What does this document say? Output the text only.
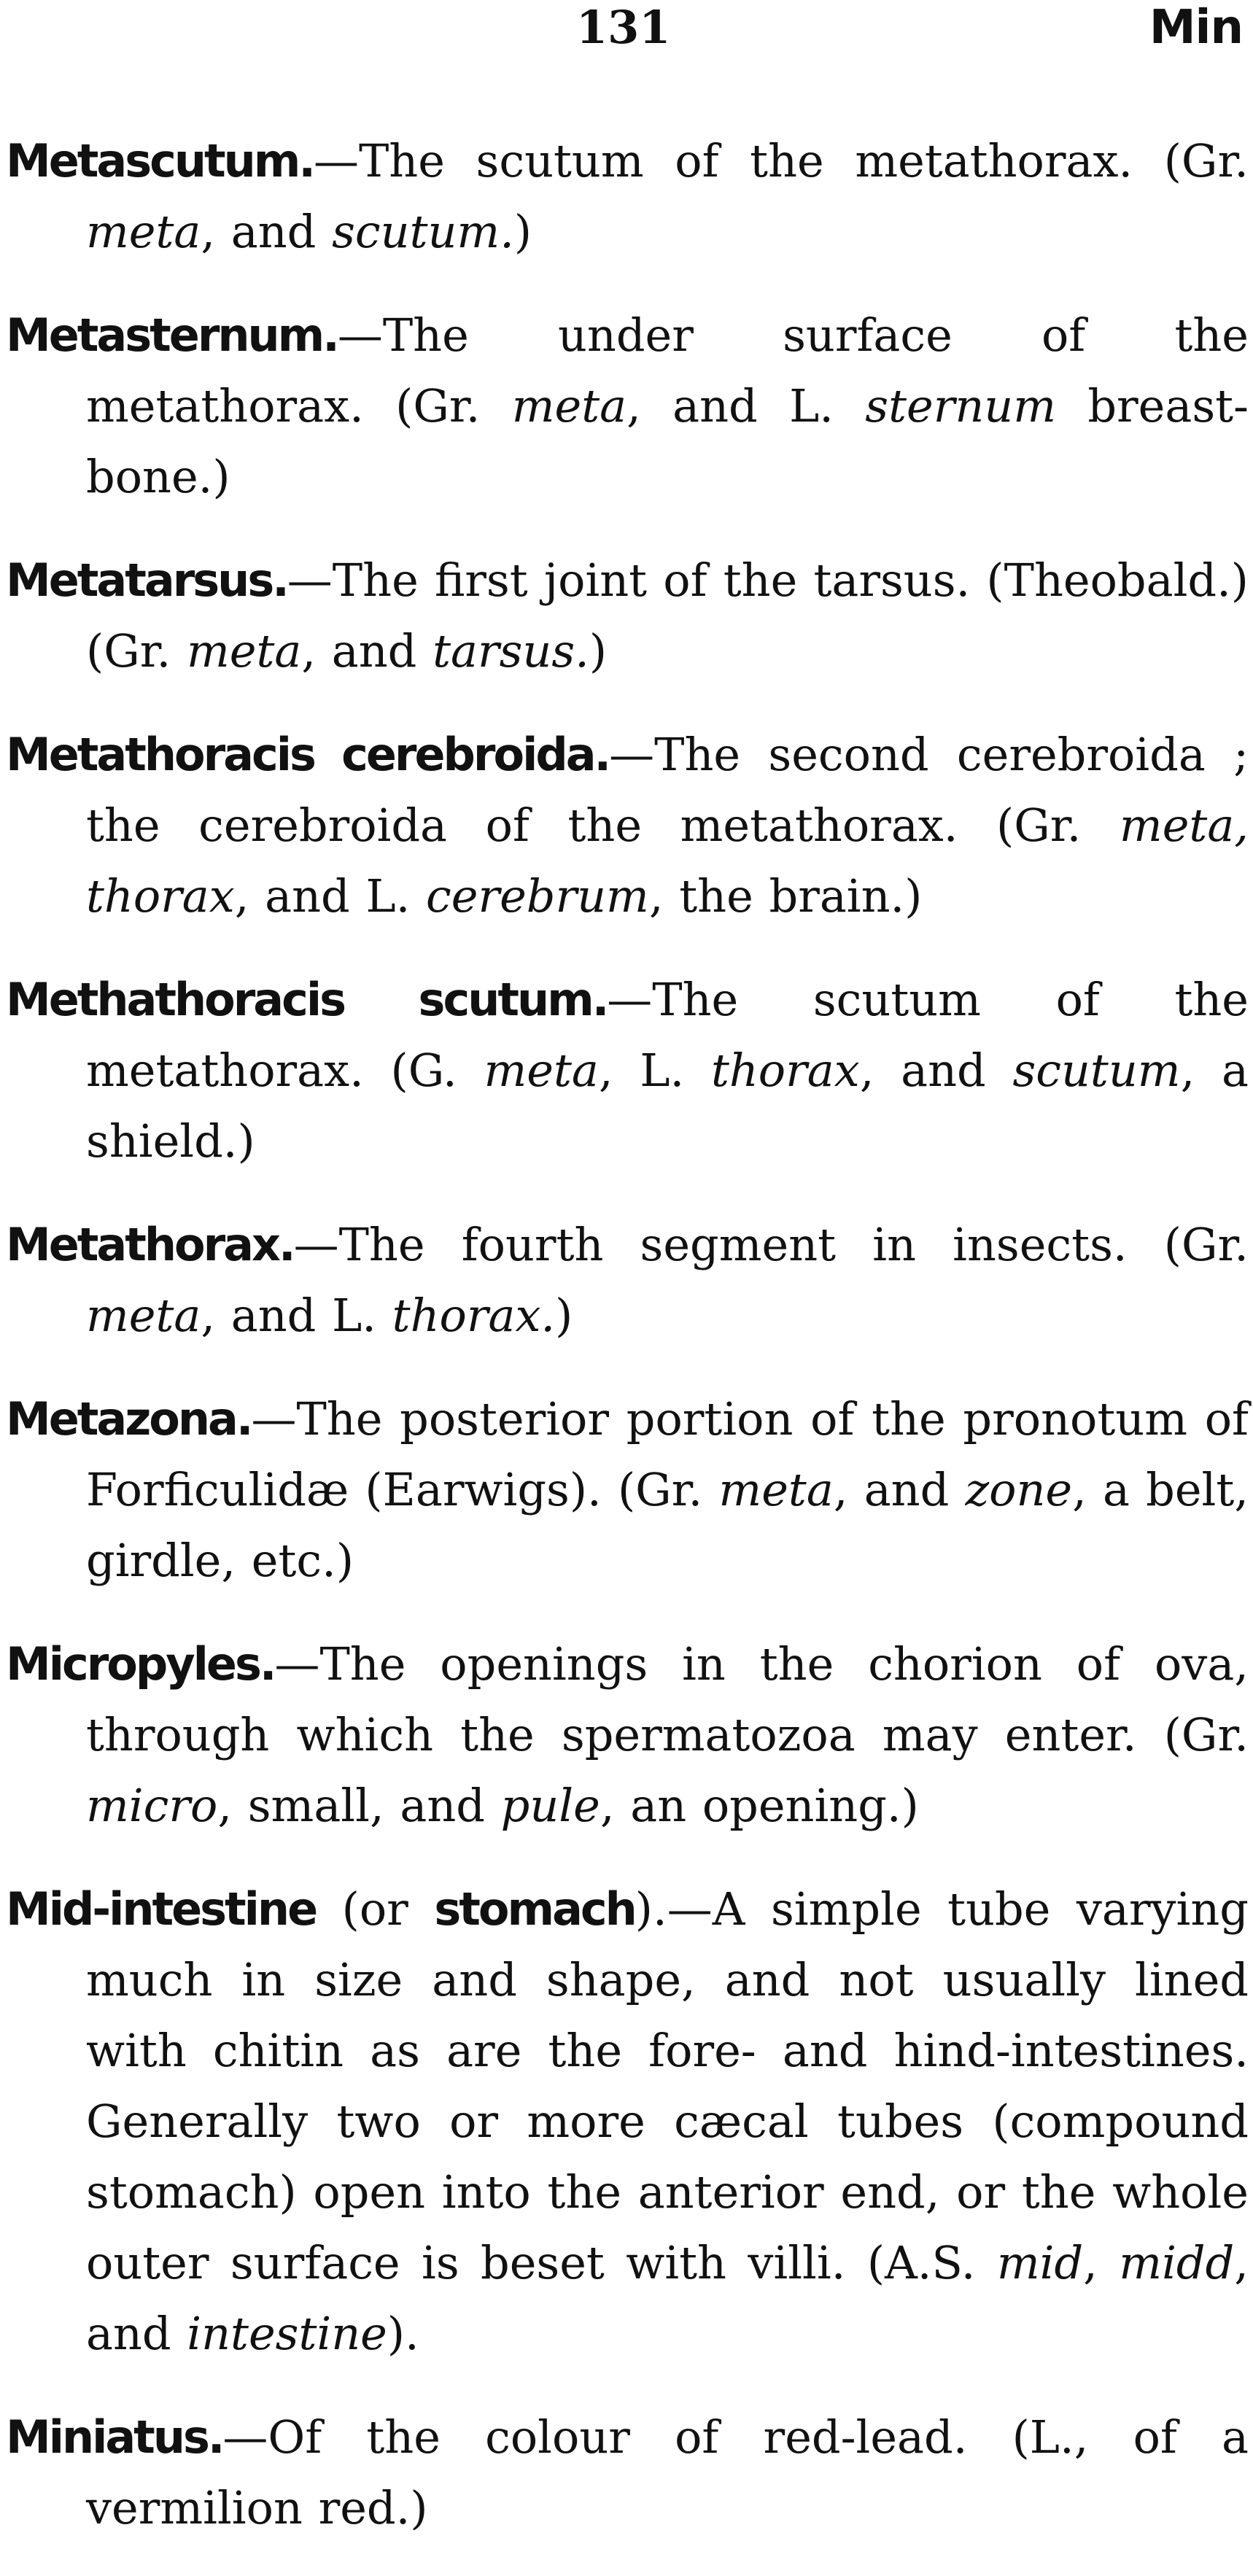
131	Min

Metascutum.—The scutum of the metathorax. (Gr. meta, and scutum.)

Metasternum.—The under surface of the metathorax. (Gr. meta, and L. sternum breast-bone.)

Metatarsus.—The first joint of the tarsus. (Theobald.) (Gr. meta, and tarsus.)

Metathoracis cerebroida.—The second cerebroida ; the cerebroida of the metathorax. (Gr. meta, thorax, and L. cerebrum, the brain.)

Methathoracis scutum.—The scutum of the metathorax. (G. meta, L. thorax, and scutum, a shield.)

Metathorax.—The fourth segment in insects. (Gr. meta, and L. thorax.)

Metazona.—The posterior portion of the pronotum of Forficulidæ (Earwigs). (Gr. meta, and zone, a belt, girdle, etc.)

Micropyles.—The openings in the chorion of ova, through which the spermatozoa may enter. (Gr. micro, small, and pule, an opening.)

Mid-intestine (or stomach).—A simple tube varying much in size and shape, and not usually lined with chitin as are the fore- and hind-intestines. Generally two or more cæcal tubes (compound stomach) open into the anterior end, or the whole outer surface is beset with villi. (A.S. mid, midd, and intestine).

Miniatus.—Of the colour of red-lead. (L., of a vermilion red.)
